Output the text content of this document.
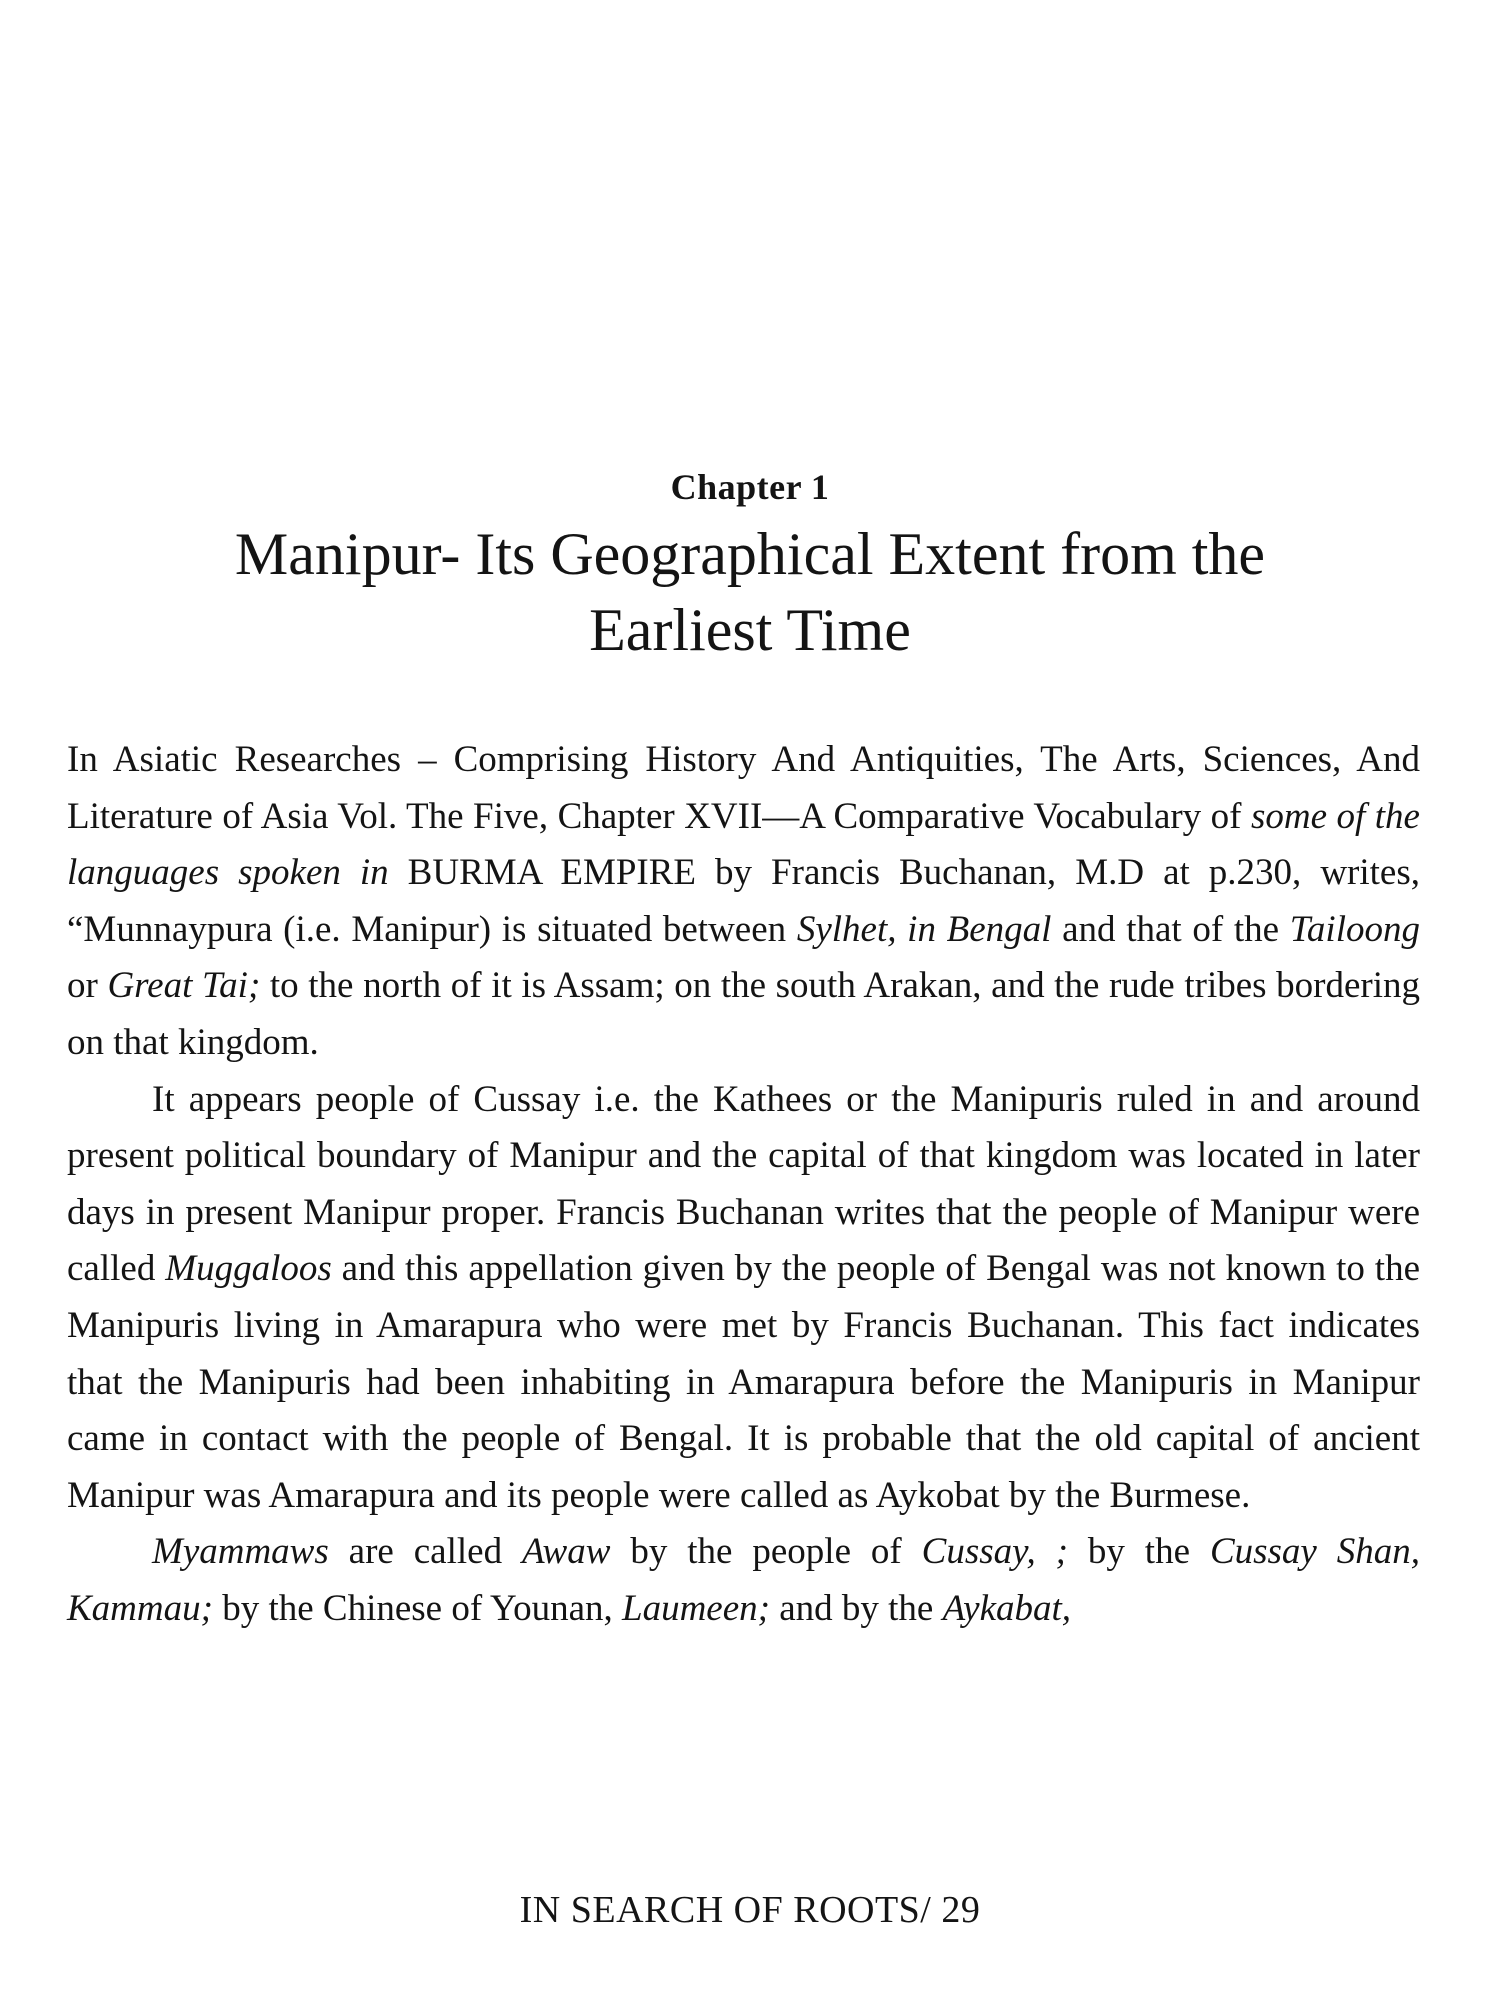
Chapter 1
Manipur- Its Geographical Extent from the
Earliest Time

In Asiatic Researches – Comprising History And Antiquities, The Arts, Sciences, And Literature of Asia Vol. The Five, Chapter XVII—A Comparative Vocabulary of some of the languages spoken in BURMA EMPIRE by Francis Buchanan, M.D at p.230, writes, “Munnaypura (i.e. Manipur) is situated between Sylhet, in Bengal and that of the Tailoong or Great Tai; to the north of it is Assam; on the south Arakan, and the rude tribes bordering on that kingdom.

It appears people of Cussay i.e. the Kathees or the Manipuris ruled in and around present political boundary of Manipur and the capital of that kingdom was located in later days in present Manipur proper. Francis Buchanan writes that the people of Manipur were called Muggaloos and this appellation given by the people of Bengal was not known to the Manipuris living in Amarapura who were met by Francis Buchanan. This fact indicates that the Manipuris had been inhabiting in Amarapura before the Manipuris in Manipur came in contact with the people of Bengal. It is probable that the old capital of ancient Manipur was Amarapura and its people were called as Aykobat by the Burmese.

Myammaws are called Awaw by the people of Cussay, ; by the Cussay Shan, Kammau; by the Chinese of Younan, Laumeen; and by the Aykabat,

IN SEARCH OF ROOTS/ 29
